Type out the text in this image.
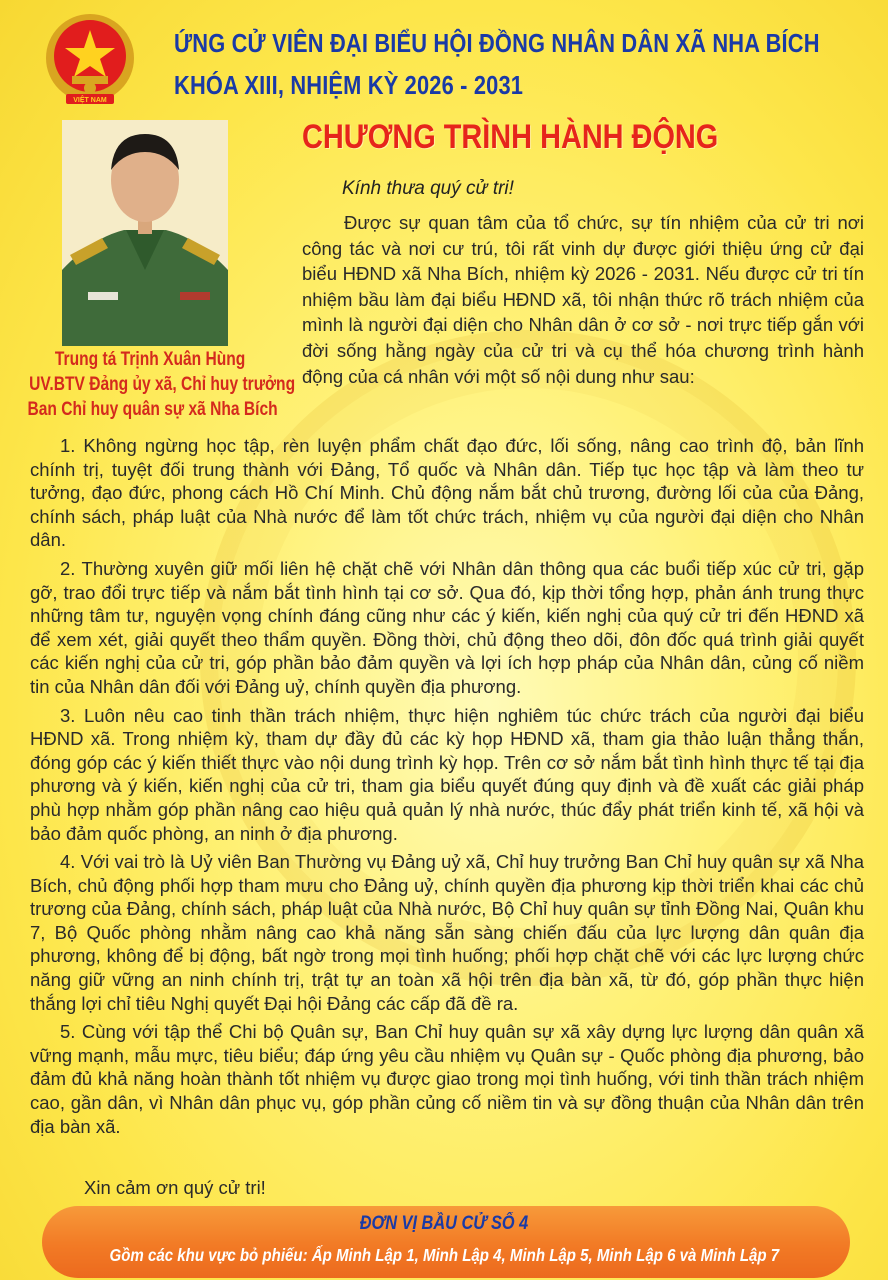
VIỆT NAM
ỨNG CỬ VIÊN ĐẠI BIỂU HỘI ĐỒNG NHÂN DÂN XÃ NHA BÍCH
KHÓA XIII, NHIỆM KỲ 2026 - 2031
CHƯƠNG TRÌNH HÀNH ĐỘNG
Trung tá Trịnh Xuân Hùng
UV.BTV Đảng ủy xã, Chỉ huy trưởng
Ban Chỉ huy quân sự xã Nha Bích
Kính thưa quý cử tri!
Được sự quan tâm của tổ chức, sự tín nhiệm của cử tri nơi công tác và nơi cư trú, tôi rất vinh dự được giới thiệu ứng cử đại biểu HĐND xã Nha Bích, nhiệm kỳ 2026 - 2031. Nếu được cử tri tín nhiệm bầu làm đại biểu HĐND xã, tôi nhận thức rõ trách nhiệm của mình là người đại diện cho Nhân dân ở cơ sở - nơi trực tiếp gắn với đời sống hằng ngày của cử tri và cụ thể hóa chương trình hành động của cá nhân với một số nội dung như sau:

1. Không ngừng học tập, rèn luyện phẩm chất đạo đức, lối sống, nâng cao trình độ, bản lĩnh chính trị, tuyệt đối trung thành với Đảng, Tổ quốc và Nhân dân. Tiếp tục học tập và làm theo tư tưởng, đạo đức, phong cách Hồ Chí Minh. Chủ động nắm bắt chủ trương, đường lối của của Đảng, chính sách, pháp luật của Nhà nước để làm tốt chức trách, nhiệm vụ của người đại diện cho Nhân dân.

2. Thường xuyên giữ mối liên hệ chặt chẽ với Nhân dân thông qua các buổi tiếp xúc cử tri, gặp gỡ, trao đổi trực tiếp và nắm bắt tình hình tại cơ sở. Qua đó, kịp thời tổng hợp, phản ánh trung thực những tâm tư, nguyện vọng chính đáng cũng như các ý kiến, kiến nghị của quý cử tri đến HĐND xã để xem xét, giải quyết theo thẩm quyền. Đồng thời, chủ động theo dõi, đôn đốc quá trình giải quyết các kiến nghị của cử tri, góp phần bảo đảm quyền và lợi ích hợp pháp của Nhân dân, củng cố niềm tin của Nhân dân đối với Đảng uỷ, chính quyền địa phương.

3. Luôn nêu cao tinh thần trách nhiệm, thực hiện nghiêm túc chức trách của người đại biểu HĐND xã. Trong nhiệm kỳ, tham dự đầy đủ các kỳ họp HĐND xã, tham gia thảo luận thẳng thắn, đóng góp các ý kiến thiết thực vào nội dung trình kỳ họp. Trên cơ sở nắm bắt tình hình thực tế tại địa phương và ý kiến, kiến nghị của cử tri, tham gia biểu quyết đúng quy định và đề xuất các giải pháp phù hợp nhằm góp phần nâng cao hiệu quả quản lý nhà nước, thúc đẩy phát triển kinh tế, xã hội và bảo đảm quốc phòng, an ninh ở địa phương.

4. Với vai trò là Uỷ viên Ban Thường vụ Đảng uỷ xã, Chỉ huy trưởng Ban Chỉ huy quân sự xã Nha Bích, chủ động phối hợp tham mưu cho Đảng uỷ, chính quyền địa phương kịp thời triển khai các chủ trương của Đảng, chính sách, pháp luật của Nhà nước, Bộ Chỉ huy quân sự tỉnh Đồng Nai, Quân khu 7, Bộ Quốc phòng nhằm nâng cao khả năng sẵn sàng chiến đấu của lực lượng dân quân địa phương, không để bị động, bất ngờ trong mọi tình huống; phối hợp chặt chẽ với các lực lượng chức năng giữ vững an ninh chính trị, trật tự an toàn xã hội trên địa bàn xã, từ đó, góp phần thực hiện thắng lợi chỉ tiêu Nghị quyết Đại hội Đảng các cấp đã đề ra.

5. Cùng với tập thể Chi bộ Quân sự, Ban Chỉ huy quân sự xã xây dựng lực lượng dân quân xã vững mạnh, mẫu mực, tiêu biểu; đáp ứng yêu cầu nhiệm vụ Quân sự - Quốc phòng địa phương, bảo đảm đủ khả năng hoàn thành tốt nhiệm vụ được giao trong mọi tình huống, với tinh thần trách nhiệm cao, gần dân, vì Nhân dân phục vụ, góp phần củng cố niềm tin và sự đồng thuận của Nhân dân trên địa bàn xã.

Xin cảm ơn quý cử tri!
ĐƠN VỊ BẦU CỬ SỐ 4
Gồm các khu vực bỏ phiếu: Ấp Minh Lập 1, Minh Lập 4, Minh Lập 5, Minh Lập 6 và Minh Lập 7
